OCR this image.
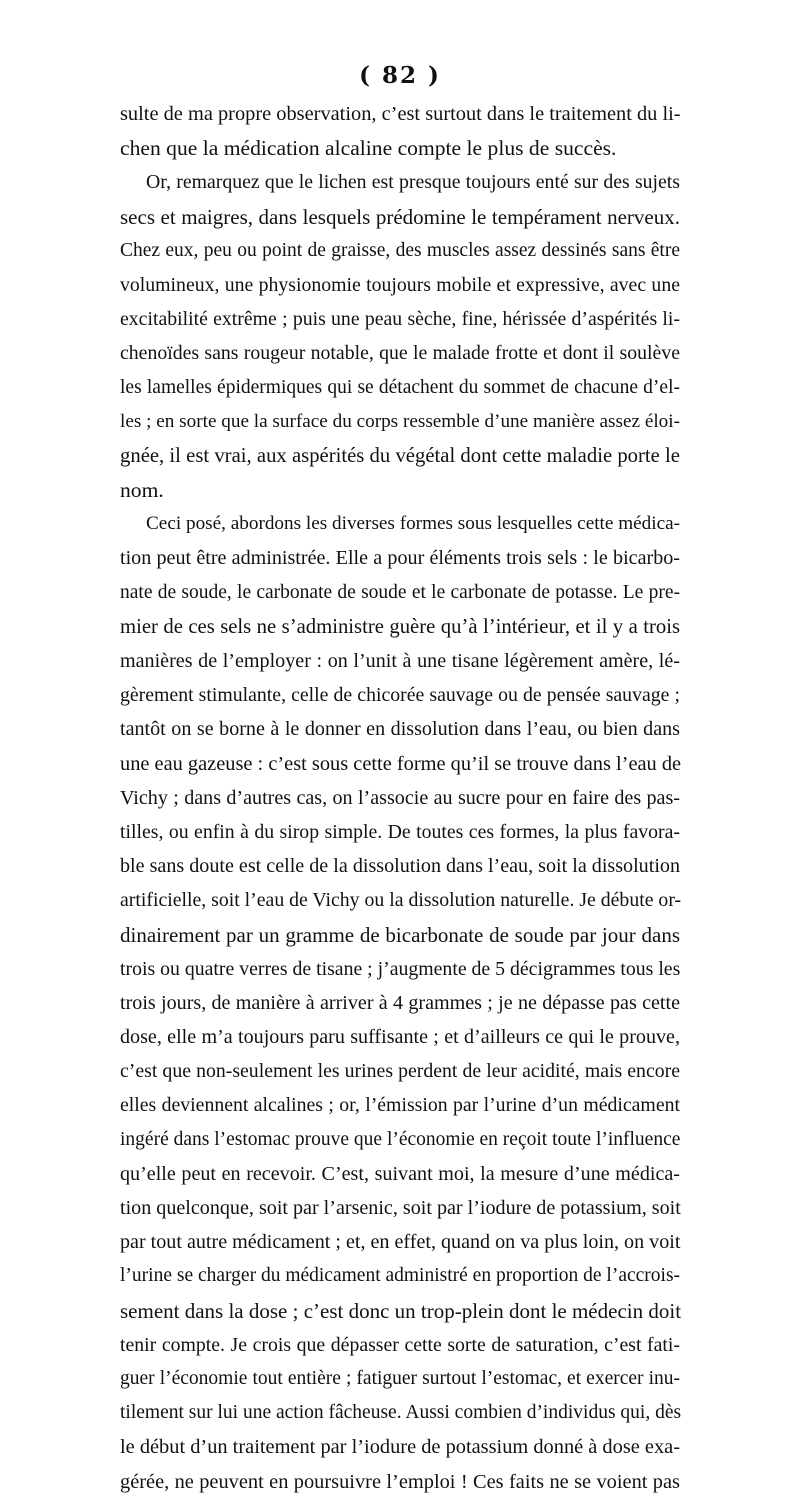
( 82 )
sulte de ma propre observation, c’est surtout dans le traitement du li-
chen que la médication alcaline compte le plus de succès.
Or, remarquez que le lichen est presque toujours enté sur des sujets
secs et maigres, dans lesquels prédomine le tempérament nerveux.
Chez eux, peu ou point de graisse, des muscles assez dessinés sans être
volumineux, une physionomie toujours mobile et expressive, avec une
excitabilité extrême ; puis une peau sèche, fine, hérissée d’aspérités li-
chenoïdes sans rougeur notable, que le malade frotte et dont il soulève
les lamelles épidermiques qui se détachent du sommet de chacune d’el-
les ; en sorte que la surface du corps ressemble d’une manière assez éloi-
gnée, il est vrai, aux aspérités du végétal dont cette maladie porte le
nom.
Ceci posé, abordons les diverses formes sous lesquelles cette médica-
tion peut être administrée. Elle a pour éléments trois sels : le bicarbo-
nate de soude, le carbonate de soude et le carbonate de potasse. Le pre-
mier de ces sels ne s’administre guère qu’à l’intérieur, et il y a trois
manières de l’employer : on l’unit à une tisane légèrement amère, lé-
gèrement stimulante, celle de chicorée sauvage ou de pensée sauvage ;
tantôt on se borne à le donner en dissolution dans l’eau, ou bien dans
une eau gazeuse : c’est sous cette forme qu’il se trouve dans l’eau de
Vichy ; dans d’autres cas, on l’associe au sucre pour en faire des pas-
tilles, ou enfin à du sirop simple. De toutes ces formes, la plus favora-
ble sans doute est celle de la dissolution dans l’eau, soit la dissolution
artificielle, soit l’eau de Vichy ou la dissolution naturelle. Je débute or-
dinairement par un gramme de bicarbonate de soude par jour dans
trois ou quatre verres de tisane ; j’augmente de 5 décigrammes tous les
trois jours, de manière à arriver à 4 grammes ; je ne dépasse pas cette
dose, elle m’a toujours paru suffisante ; et d’ailleurs ce qui le prouve,
c’est que non-seulement les urines perdent de leur acidité, mais encore
elles deviennent alcalines ; or, l’émission par l’urine d’un médicament
ingéré dans l’estomac prouve que l’économie en reçoit toute l’influence
qu’elle peut en recevoir. C’est, suivant moi, la mesure d’une médica-
tion quelconque, soit par l’arsenic, soit par l’iodure de potassium, soit
par tout autre médicament ; et, en effet, quand on va plus loin, on voit
l’urine se charger du médicament administré en proportion de l’accrois-
sement dans la dose ; c’est donc un trop-plein dont le médecin doit
tenir compte. Je crois que dépasser cette sorte de saturation, c’est fati-
guer l’économie tout entière ; fatiguer surtout l’estomac, et exercer inu-
tilement sur lui une action fâcheuse. Aussi combien d’individus qui, dès
le début d’un traitement par l’iodure de potassium donné à dose exa-
gérée, ne peuvent en poursuivre l’emploi ! Ces faits ne se voient pas
